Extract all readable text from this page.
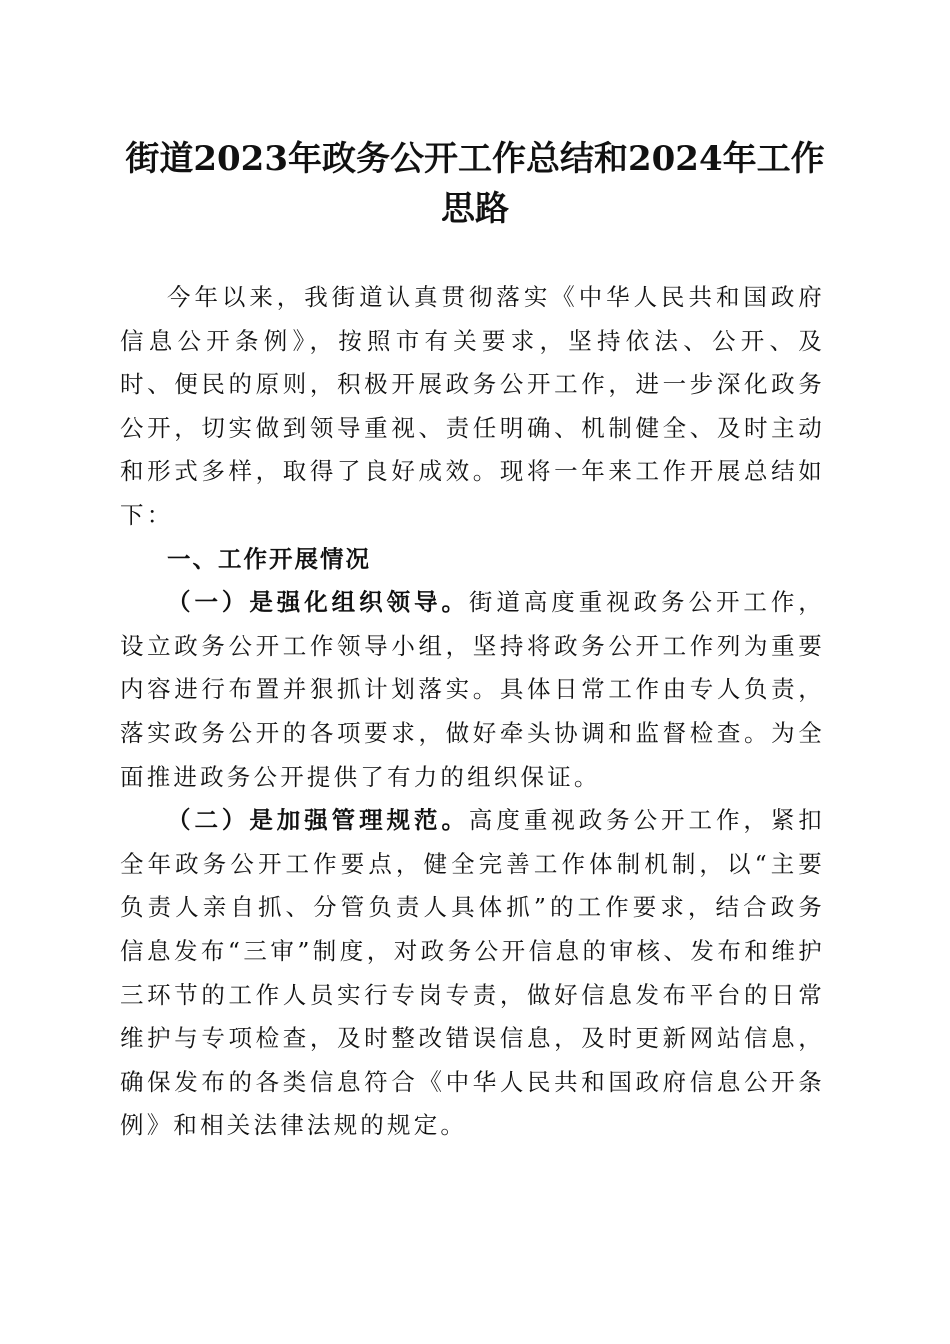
街道2023年政务公开工作总结和2024年工作思路

今年以来，我街道认真贯彻落实《中华人民共和国政府信息公开条例》，按照市有关要求，坚持依法、公开、及时、便民的原则，积极开展政务公开工作，进一步深化政务公开，切实做到领导重视、责任明确、机制健全、及时主动和形式多样，取得了良好成效。现将一年来工作开展总结如下：

一、工作开展情况

（一）是强化组织领导。街道高度重视政务公开工作，设立政务公开工作领导小组，坚持将政务公开工作列为重要内容进行布置并狠抓计划落实。具体日常工作由专人负责，落实政务公开的各项要求，做好牵头协调和监督检查。为全面推进政务公开提供了有力的组织保证。

（二）是加强管理规范。高度重视政务公开工作，紧扣全年政务公开工作要点，健全完善工作体制机制，以“主要负责人亲自抓、分管负责人具体抓”的工作要求，结合政务信息发布“三审”制度，对政务公开信息的审核、发布和维护三环节的工作人员实行专岗专责，做好信息发布平台的日常维护与专项检查，及时整改错误信息，及时更新网站信息，确保发布的各类信息符合《中华人民共和国政府信息公开条例》和相关法律法规的规定。
